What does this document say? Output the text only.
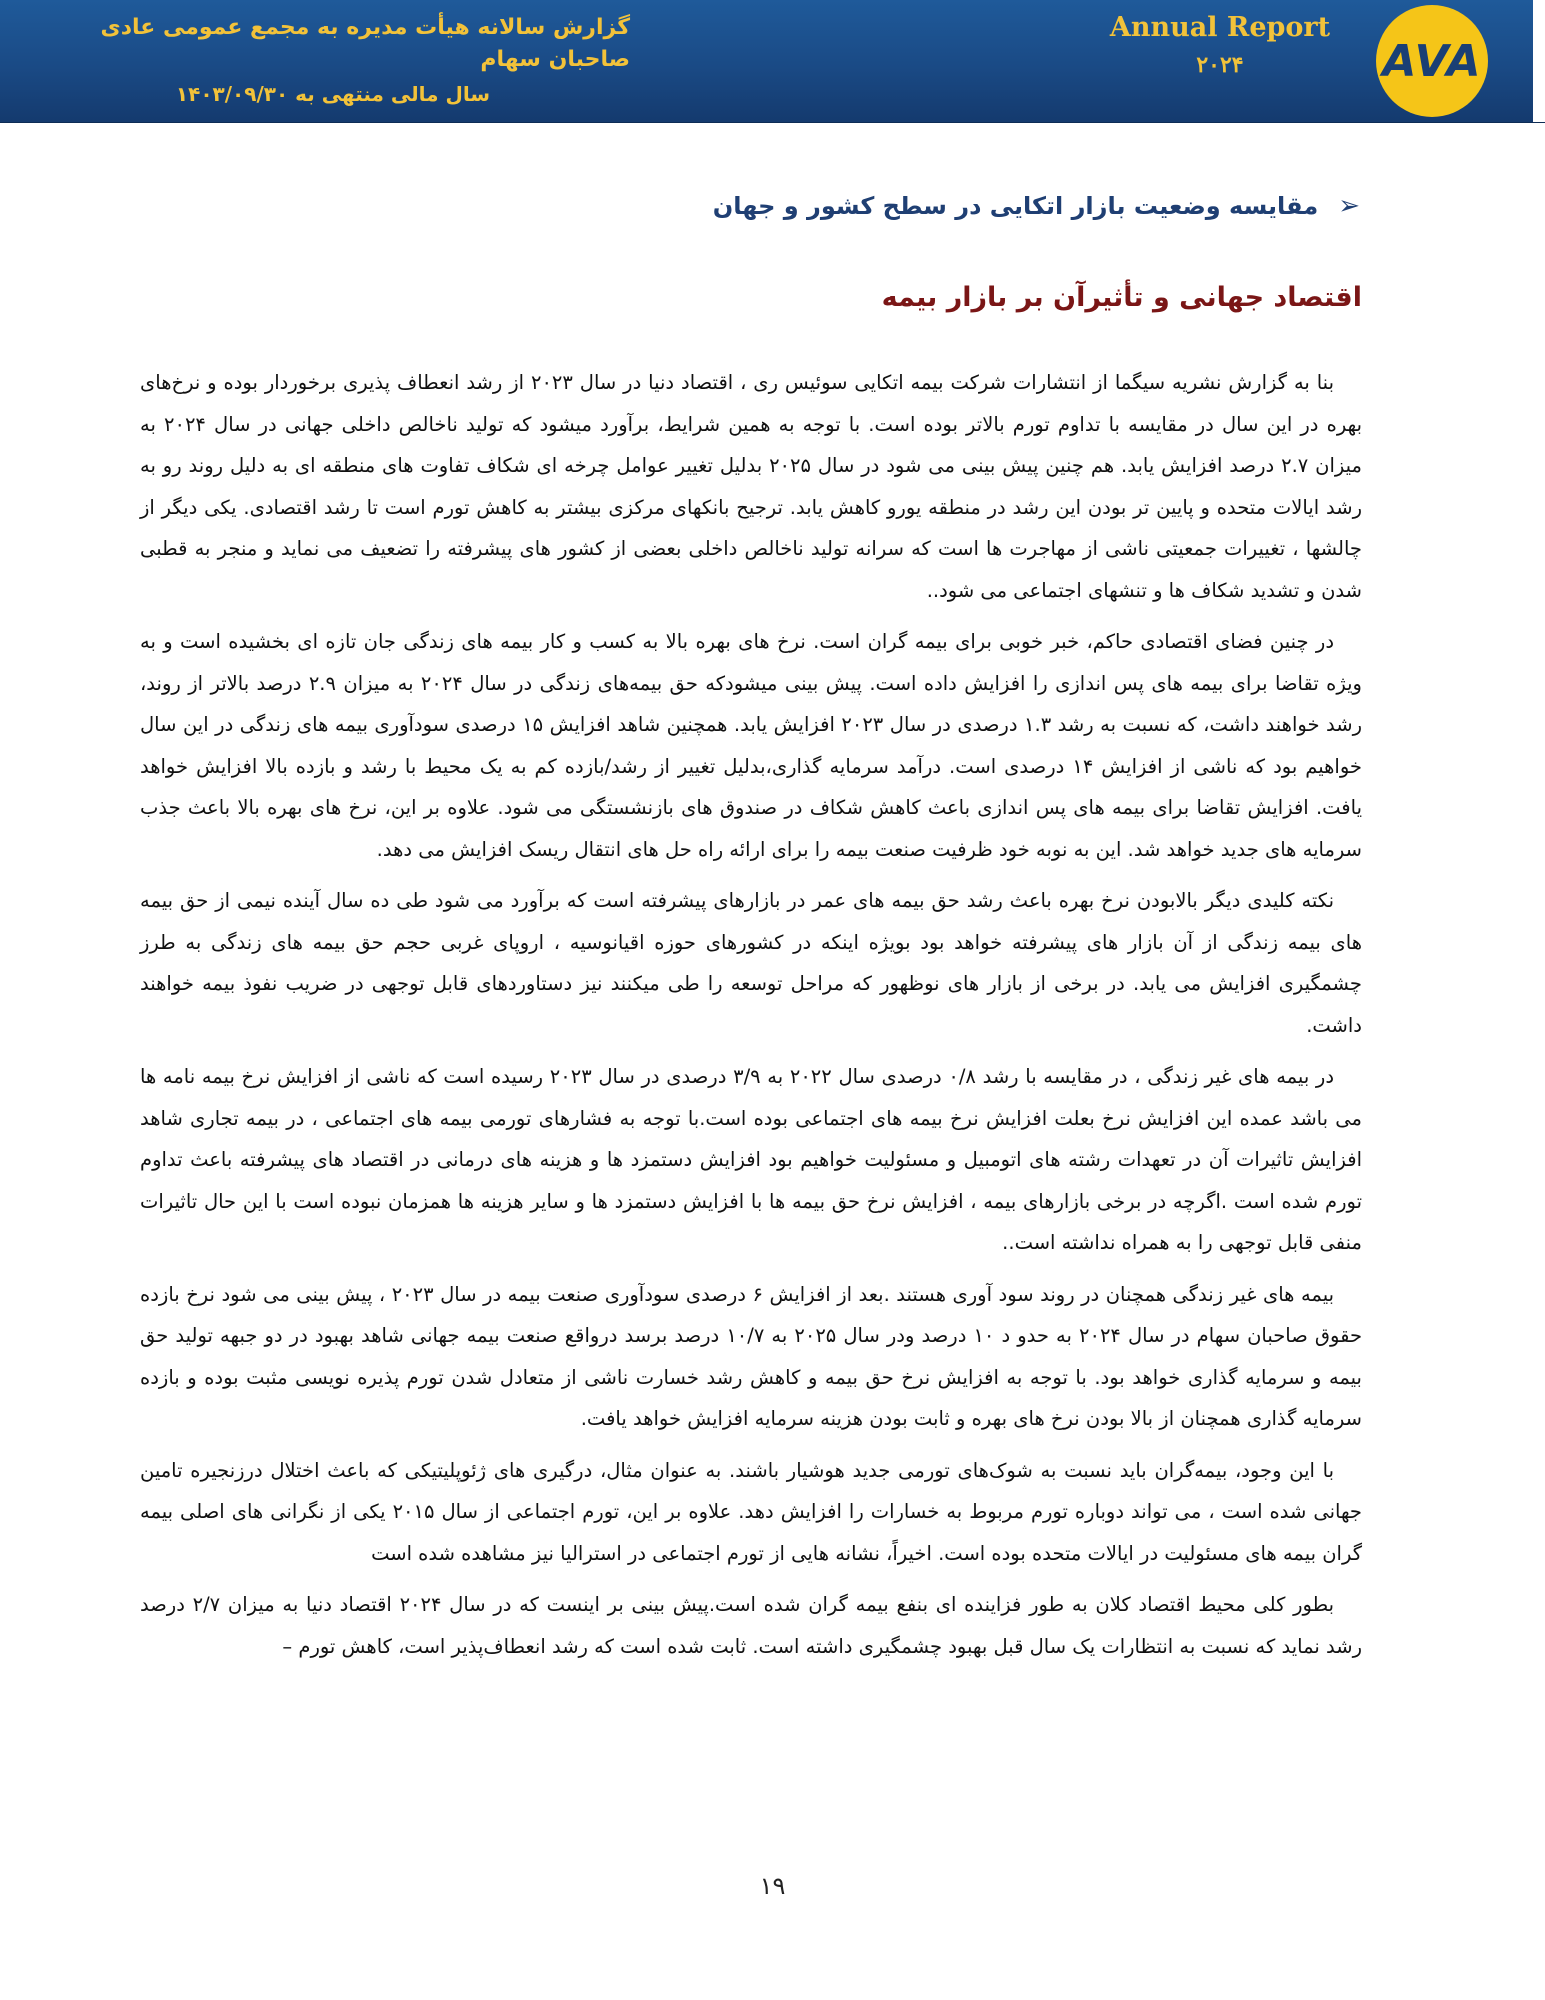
AVA
Annual Report
۲۰۲۴
گزارش سالانه هیأت مدیره به مجمع عمومی عادی صاحبان سهام
سال مالی منتهی به ۱۴۰۳/۰۹/۳۰
➢
مقایسه وضعیت بازار اتکایی در سطح کشور و جهان
اقتصاد جهانی و تأثیرآن بر بازار بیمه

بنا به گزارش نشریه سیگما از انتشارات شرکت بیمه اتکایی سوئیس ری ، اقتصاد دنیا در سال ۲۰۲۳ از رشد انعطاف پذیری برخوردار بوده و نرخ‌های بهره در این سال در مقایسه با تداوم تورم بالاتر بوده است. با توجه به همین شرایط، برآورد میشود که تولید ناخالص داخلی جهانی در سال ۲۰۲۴ به میزان ۲.۷ درصد افزایش یابد. هم چنین پیش بینی می شود در سال ۲۰۲۵ بدلیل تغییر عوامل چرخه ای شکاف تفاوت های منطقه ای به دلیل روند رو به رشد ایالات متحده و پایین تر بودن این رشد در منطقه یورو کاهش یابد. ترجیح بانکهای مرکزی بیشتر به کاهش تورم است تا رشد اقتصادی. یکی دیگر از چالشها ، تغییرات جمعیتی ناشی از مهاجرت ها است که سرانه تولید ناخالص داخلی بعضی از کشور های پیشرفته را تضعیف می نماید و منجر به قطبی شدن و تشدید شکاف ها و تنشهای اجتماعی می شود..

در چنین فضای اقتصادی حاکم، خبر خوبی برای بیمه گران است. نرخ های بهره بالا به کسب و کار بیمه های زندگی جان تازه ای بخشیده است و به ویژه تقاضا برای بیمه های پس اندازی را افزایش داده است. پیش بینی میشودکه حق بیمه‌های زندگی در سال ۲۰۲۴ به میزان ۲.۹ درصد بالاتر از روند، رشد خواهند داشت، که نسبت به رشد ۱.۳ درصدی در سال ۲۰۲۳ افزایش یابد. همچنین شاهد افزایش ۱۵ درصدی سودآوری بیمه های زندگی در این سال خواهیم بود که ناشی از افزایش ۱۴ درصدی است. درآمد سرمایه گذاری،بدلیل تغییر از رشد/بازده کم به یک محیط با رشد و بازده بالا افزایش خواهد یافت. افزایش تقاضا برای بیمه های پس اندازی باعث کاهش شکاف در صندوق های بازنشستگی می شود. علاوه بر این، نرخ های بهره بالا باعث جذب سرمایه های جدید خواهد شد. این به نوبه خود ظرفیت صنعت بیمه را برای ارائه راه حل های انتقال ریسک افزایش می دهد.

نکته کلیدی دیگر بالابودن نرخ بهره باعث رشد حق بیمه های عمر در بازارهای پیشرفته است که برآورد می شود طی ده سال آینده نیمی از حق بیمه های بیمه زندگی از آن بازار های پیشرفته خواهد بود بویژه اینکه در کشورهای حوزه اقیانوسیه ، اروپای غربی حجم حق بیمه های زندگی به طرز چشمگیری افزایش می یابد. در برخی از بازار های نوظهور که مراحل توسعه را طی میکنند نیز دستاوردهای قابل توجهی در ضریب نفوذ بیمه خواهند داشت.

در بیمه های غیر زندگی ، در مقایسه با رشد ۰/۸ درصدی سال ۲۰۲۲ به ۳/۹ درصدی در سال ۲۰۲۳ رسیده است که ناشی از افزایش نرخ بیمه نامه ها می باشد عمده این افزایش نرخ بعلت افزایش نرخ بیمه های اجتماعی بوده است.با توجه به فشارهای تورمی بیمه های اجتماعی ، در بیمه تجاری شاهد افزایش تاثیرات آن در تعهدات رشته های اتومبیل و مسئولیت خواهیم بود افزایش دستمزد ها و هزینه های درمانی در اقتصاد های پیشرفته باعث تداوم تورم شده است .اگرچه در برخی بازارهای بیمه ، افزایش نرخ حق بیمه ها با افزایش دستمزد ها و سایر هزینه ها همزمان نبوده است با این حال تاثیرات منفی قابل توجهی را به همراه نداشته است..

بیمه های غیر زندگی همچنان در روند سود آوری هستند .بعد از افزایش ۶ درصدی سودآوری صنعت بیمه در سال ۲۰۲۳ ، پیش بینی می شود نرخ بازده حقوق صاحبان سهام در سال ۲۰۲۴ به حدو د ۱۰ درصد ودر سال ۲۰۲۵ به ۱۰/۷ درصد برسد درواقع صنعت بیمه جهانی شاهد بهبود در دو جبهه تولید حق بیمه و سرمایه گذاری خواهد بود. با توجه به افزایش نرخ حق بیمه و کاهش رشد خسارت ناشی از متعادل شدن تورم پذیره نویسی مثبت بوده و بازده سرمایه گذاری همچنان از بالا بودن نرخ های بهره و ثابت بودن هزینه سرمایه افزایش خواهد یافت.

با این وجود، بیمه‌گران باید نسبت به شوک‌های تورمی جدید هوشیار باشند. به عنوان مثال، درگیری های ژئوپلیتیکی که باعث اختلال درزنجیره تامین جهانی شده است ، می تواند دوباره تورم مربوط به خسارات را افزایش دهد. علاوه بر این، تورم اجتماعی از سال ۲۰۱۵ یکی از نگرانی های اصلی بیمه گران بیمه های مسئولیت در ایالات متحده بوده است. اخیراً، نشانه هایی از تورم اجتماعی در استرالیا نیز مشاهده شده است

بطور کلی محیط اقتصاد کلان به طور فزاینده ای بنفع بیمه گران شده است.پیش بینی بر اینست که در سال ۲۰۲۴ اقتصاد دنیا به میزان ۲/۷ درصد رشد نماید که نسبت به انتظارات یک سال قبل بهبود چشمگیری داشته است. ثابت شده است که رشد انعطاف‌پذیر است، کاهش تورم –

۱۹
